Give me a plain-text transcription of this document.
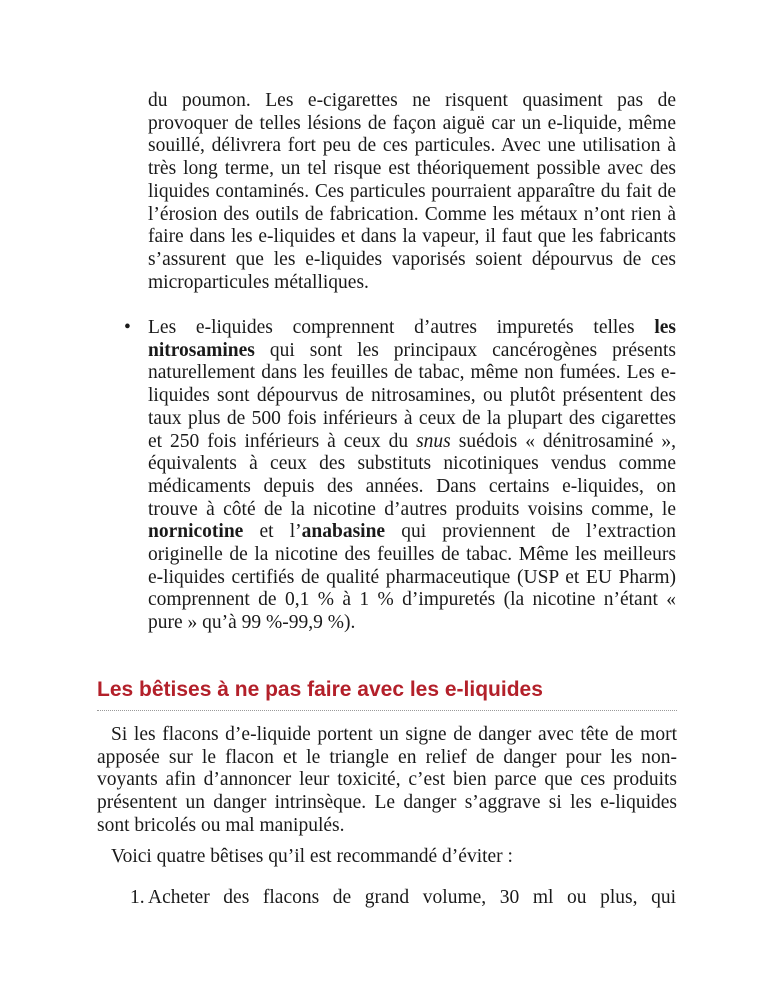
du poumon. Les e-cigarettes ne risquent quasiment pas de provoquer de telles lésions de façon aiguë car un e-liquide, même souillé, délivrera fort peu de ces particules. Avec une utilisation à très long terme, un tel risque est théoriquement possible avec des liquides contaminés. Ces particules pourraient apparaître du fait de l’érosion des outils de fabrication. Comme les métaux n’ont rien à faire dans les e-liquides et dans la vapeur, il faut que les fabricants s’assurent que les e-liquides vaporisés soient dépourvus de ces microparticules métalliques.

• Les e-liquides comprennent d’autres impuretés telles les nitrosamines qui sont les principaux cancérogènes présents naturellement dans les feuilles de tabac, même non fumées. Les e-liquides sont dépourvus de nitrosamines, ou plutôt présentent des taux plus de 500 fois inférieurs à ceux de la plupart des cigarettes et 250 fois inférieurs à ceux du snus suédois « dénitrosaminé », équivalents à ceux des substituts nicotiniques vendus comme médicaments depuis des années. Dans certains e-liquides, on trouve à côté de la nicotine d’autres produits voisins comme, le nornicotine et l’anabasine qui proviennent de l’extraction originelle de la nicotine des feuilles de tabac. Même les meilleurs e-liquides certifiés de qualité pharmaceutique (USP et EU Pharm) comprennent de 0,1 % à 1 % d’impuretés (la nicotine n’étant « pure » qu’à 99 %-99,9 %).

Les bêtises à ne pas faire avec les e-liquides

Si les flacons d’e-liquide portent un signe de danger avec tête de mort apposée sur le flacon et le triangle en relief de danger pour les non-voyants afin d’annoncer leur toxicité, c’est bien parce que ces produits présentent un danger intrinsèque. Le danger s’aggrave si les e-liquides sont bricolés ou mal manipulés.

Voici quatre bêtises qu’il est recommandé d’éviter :

1. Acheter des flacons de grand volume, 30 ml ou plus, qui
